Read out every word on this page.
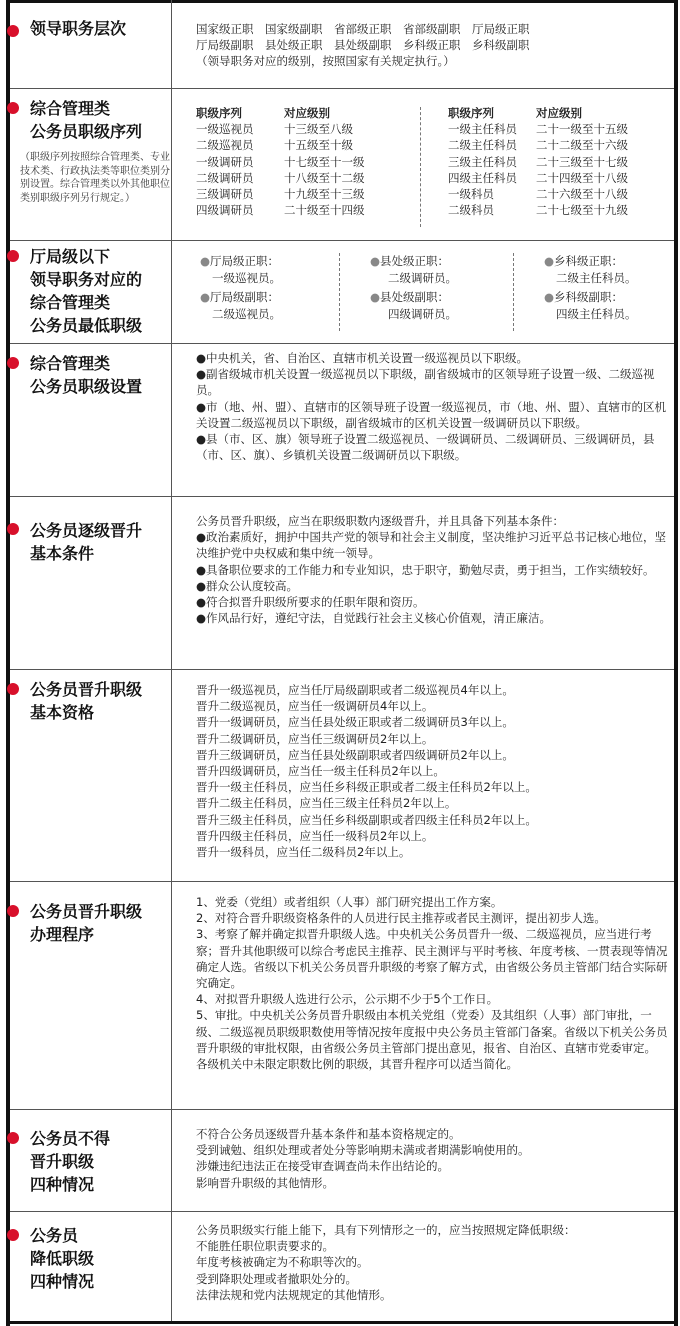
领导职务层次	国家级正职　国家级副职　省部级正职　省部级副职　厅局级正职

厅局级副职　县处级正职　县处级副职　乡科级正职　乡科级副职

（领导职务对应的级别，按照国家有关规定执行。）

综合管理类
公务员职级序列
（职级序列按照综合管理类、专业技术类、行政执法类等职位类别分别设置。综合管理类以外其他职位类别职级序列另行规定。）
职级序列	对应级别
一级巡视员	十三级至八级
二级巡视员	十五级至十级
一级调研员	十七级至十一级
二级调研员	十八级至十二级
三级调研员	十九级至十三级
四级调研员	二十级至十四级
职级序列	对应级别
一级主任科员 二十一级至十五级
二级主任科员 二十二级至十六级
三级主任科员 二十三级至十七级
四级主任科员 二十四级至十八级
一级科员	二十六级至十八级
二级科员	二十七级至十九级
厅局级以下
领导职务对应的
综合管理类
公务员最低职级
●厅局级正职：
一级巡视员。
●厅局级副职：
二级巡视员。
●县处级正职：
二级调研员。
●县处级副职：
四级调研员。
●乡科级正职：
二级主任科员。
●乡科级副职：
四级主任科员。
综合管理类
公务员职级设置

●中央机关，省、自治区、直辖市机关设置一级巡视员以下职级。

●副省级城市机关设置一级巡视员以下职级，副省级城市的区领导班子设置一级、二级巡视员。

●市（地、州、盟）、直辖市的区领导班子设置一级巡视员，市（地、州、盟）、直辖市的区机关设置二级巡视员以下职级，副省级城市的区机关设置一级调研员以下职级。

●县（市、区、旗）领导班子设置二级巡视员、一级调研员、二级调研员、三级调研员，县（市、区、旗）、乡镇机关设置二级调研员以下职级。

公务员逐级晋升
基本条件

公务员晋升职级，应当在职级职数内逐级晋升，并且具备下列基本条件：

●政治素质好，拥护中国共产党的领导和社会主义制度，坚决维护习近平总书记核心地位，坚决维护党中央权威和集中统一领导。

●具备职位要求的工作能力和专业知识，忠于职守，勤勉尽责，勇于担当，工作实绩较好。

●群众公认度较高。

●符合拟晋升职级所要求的任职年限和资历。

●作风品行好，遵纪守法，自觉践行社会主义核心价值观，清正廉洁。

公务员晋升职级
基本资格

晋升一级巡视员，应当任厅局级副职或者二级巡视员4年以上。

晋升二级巡视员，应当任一级调研员4年以上。

晋升一级调研员，应当任县处级正职或者二级调研员3年以上。

晋升二级调研员，应当任三级调研员2年以上。

晋升三级调研员，应当任县处级副职或者四级调研员2年以上。

晋升四级调研员，应当任一级主任科员2年以上。

晋升一级主任科员，应当任乡科级正职或者二级主任科员2年以上。

晋升二级主任科员，应当任三级主任科员2年以上。

晋升三级主任科员，应当任乡科级副职或者四级主任科员2年以上。

晋升四级主任科员，应当任一级科员2年以上。

晋升一级科员，应当任二级科员2年以上。

公务员晋升职级
办理程序

1、党委（党组）或者组织（人事）部门研究提出工作方案。

2、对符合晋升职级资格条件的人员进行民主推荐或者民主测评，提出初步人选。

3、考察了解并确定拟晋升职级人选。中央机关公务员晋升一级、二级巡视员，应当进行考察；晋升其他职级可以综合考虑民主推荐、民主测评与平时考核、年度考核、一贯表现等情况确定人选。省级以下机关公务员晋升职级的考察了解方式，由省级公务员主管部门结合实际研究确定。

4、对拟晋升职级人选进行公示，公示期不少于5个工作日。

5、审批。中央机关公务员晋升职级由本机关党组（党委）及其组织（人事）部门审批，一级、二级巡视员职级职数使用等情况按年度报中央公务员主管部门备案。省级以下机关公务员晋升职级的审批权限，由省级公务员主管部门提出意见，报省、自治区、直辖市党委审定。

各级机关中未限定职数比例的职级，其晋升程序可以适当简化。

公务员不得
晋升职级
四种情况

不符合公务员逐级晋升基本条件和基本资格规定的。

受到诫勉、组织处理或者处分等影响期未满或者期满影响使用的。

涉嫌违纪违法正在接受审查调查尚未作出结论的。

影响晋升职级的其他情形。

公务员
降低职级
四种情况

公务员职级实行能上能下，具有下列情形之一的，应当按照规定降低职级：

不能胜任职位职责要求的。

年度考核被确定为不称职等次的。

受到降职处理或者撤职处分的。

法律法规和党内法规规定的其他情形。
